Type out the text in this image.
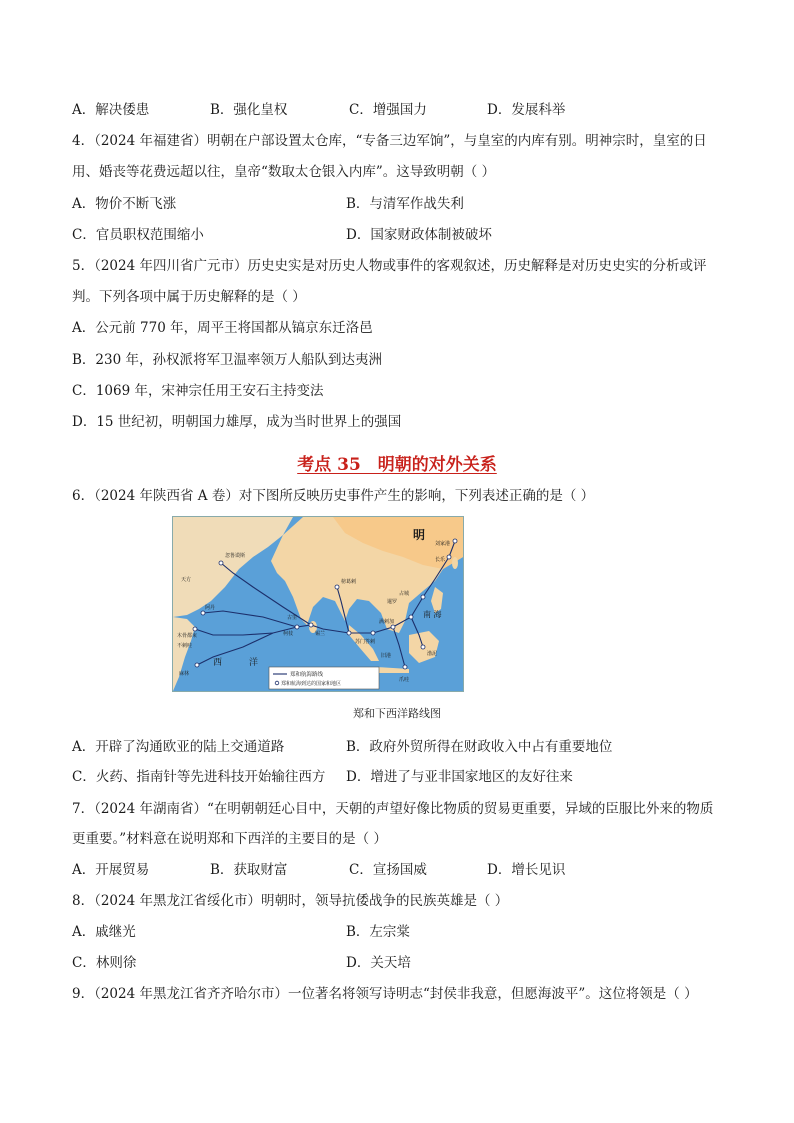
A．解决倭患	B．强化皇权	C．增强国力	D．发展科举
4．（2024 年福建省）明朝在户部设置太仓库，“专备三边军饷”，与皇室的内库有别。明神宗时，皇室的日
用、婚丧等花费远超以往，皇帝“数取太仓银入内库”。这导致明朝（ ）
A．物价不断飞涨	B．与清军作战失利
C．官员职权范围缩小	D．国家财政体制被破坏
5．（2024 年四川省广元市）历史史实是对历史人物或事件的客观叙述，历史解释是对历史史实的分析或评
判。下列各项中属于历史解释的是（ ）
A．公元前 770 年，周平王将国都从镐京东迁洛邑
B．230 年，孙权派将军卫温率领万人船队到达夷洲
C．1069 年，宋神宗任用王安石主持变法
D．15 世纪初，明朝国力雄厚，成为当时世界上的强国
考点 35　明朝的对外关系
6．（2024 年陕西省 A 卷）对下图所反映历史事件产生的影响，下列表述正确的是（ ）
明
南 海
西　　　洋
忽鲁谟斯
古里
柯枝	锡兰
满剌加
暹罗
占城
榜葛剌
苏门答剌
旧港
爪哇
渤泥
木骨都束
不刺哇
麻林
阿丹
天方
刘家港
长乐
郑和航海路线
郑和航海到达的国家和地区
郑和下西洋路线图
A．开辟了沟通欧亚的陆上交通道路	B．政府外贸所得在财政收入中占有重要地位
C．火药、指南针等先进科技开始输往西方 D．增进了与亚非国家地区的友好往来
7．（2024 年湖南省）“在明朝朝廷心目中，天朝的声望好像比物质的贸易更重要，异域的臣服比外来的物质
更重要。”材料意在说明郑和下西洋的主要目的是（ ）
A．开展贸易	B．获取财富	C．宣扬国威	D．增长见识
8．（2024 年黑龙江省绥化市）明朝时，领导抗倭战争的民族英雄是（ ）
A．戚继光	B．左宗棠
C．林则徐	D．关天培
9．（2024 年黑龙江省齐齐哈尔市）一位著名将领写诗明志“封侯非我意，但愿海波平”。这位将领是（ ）
